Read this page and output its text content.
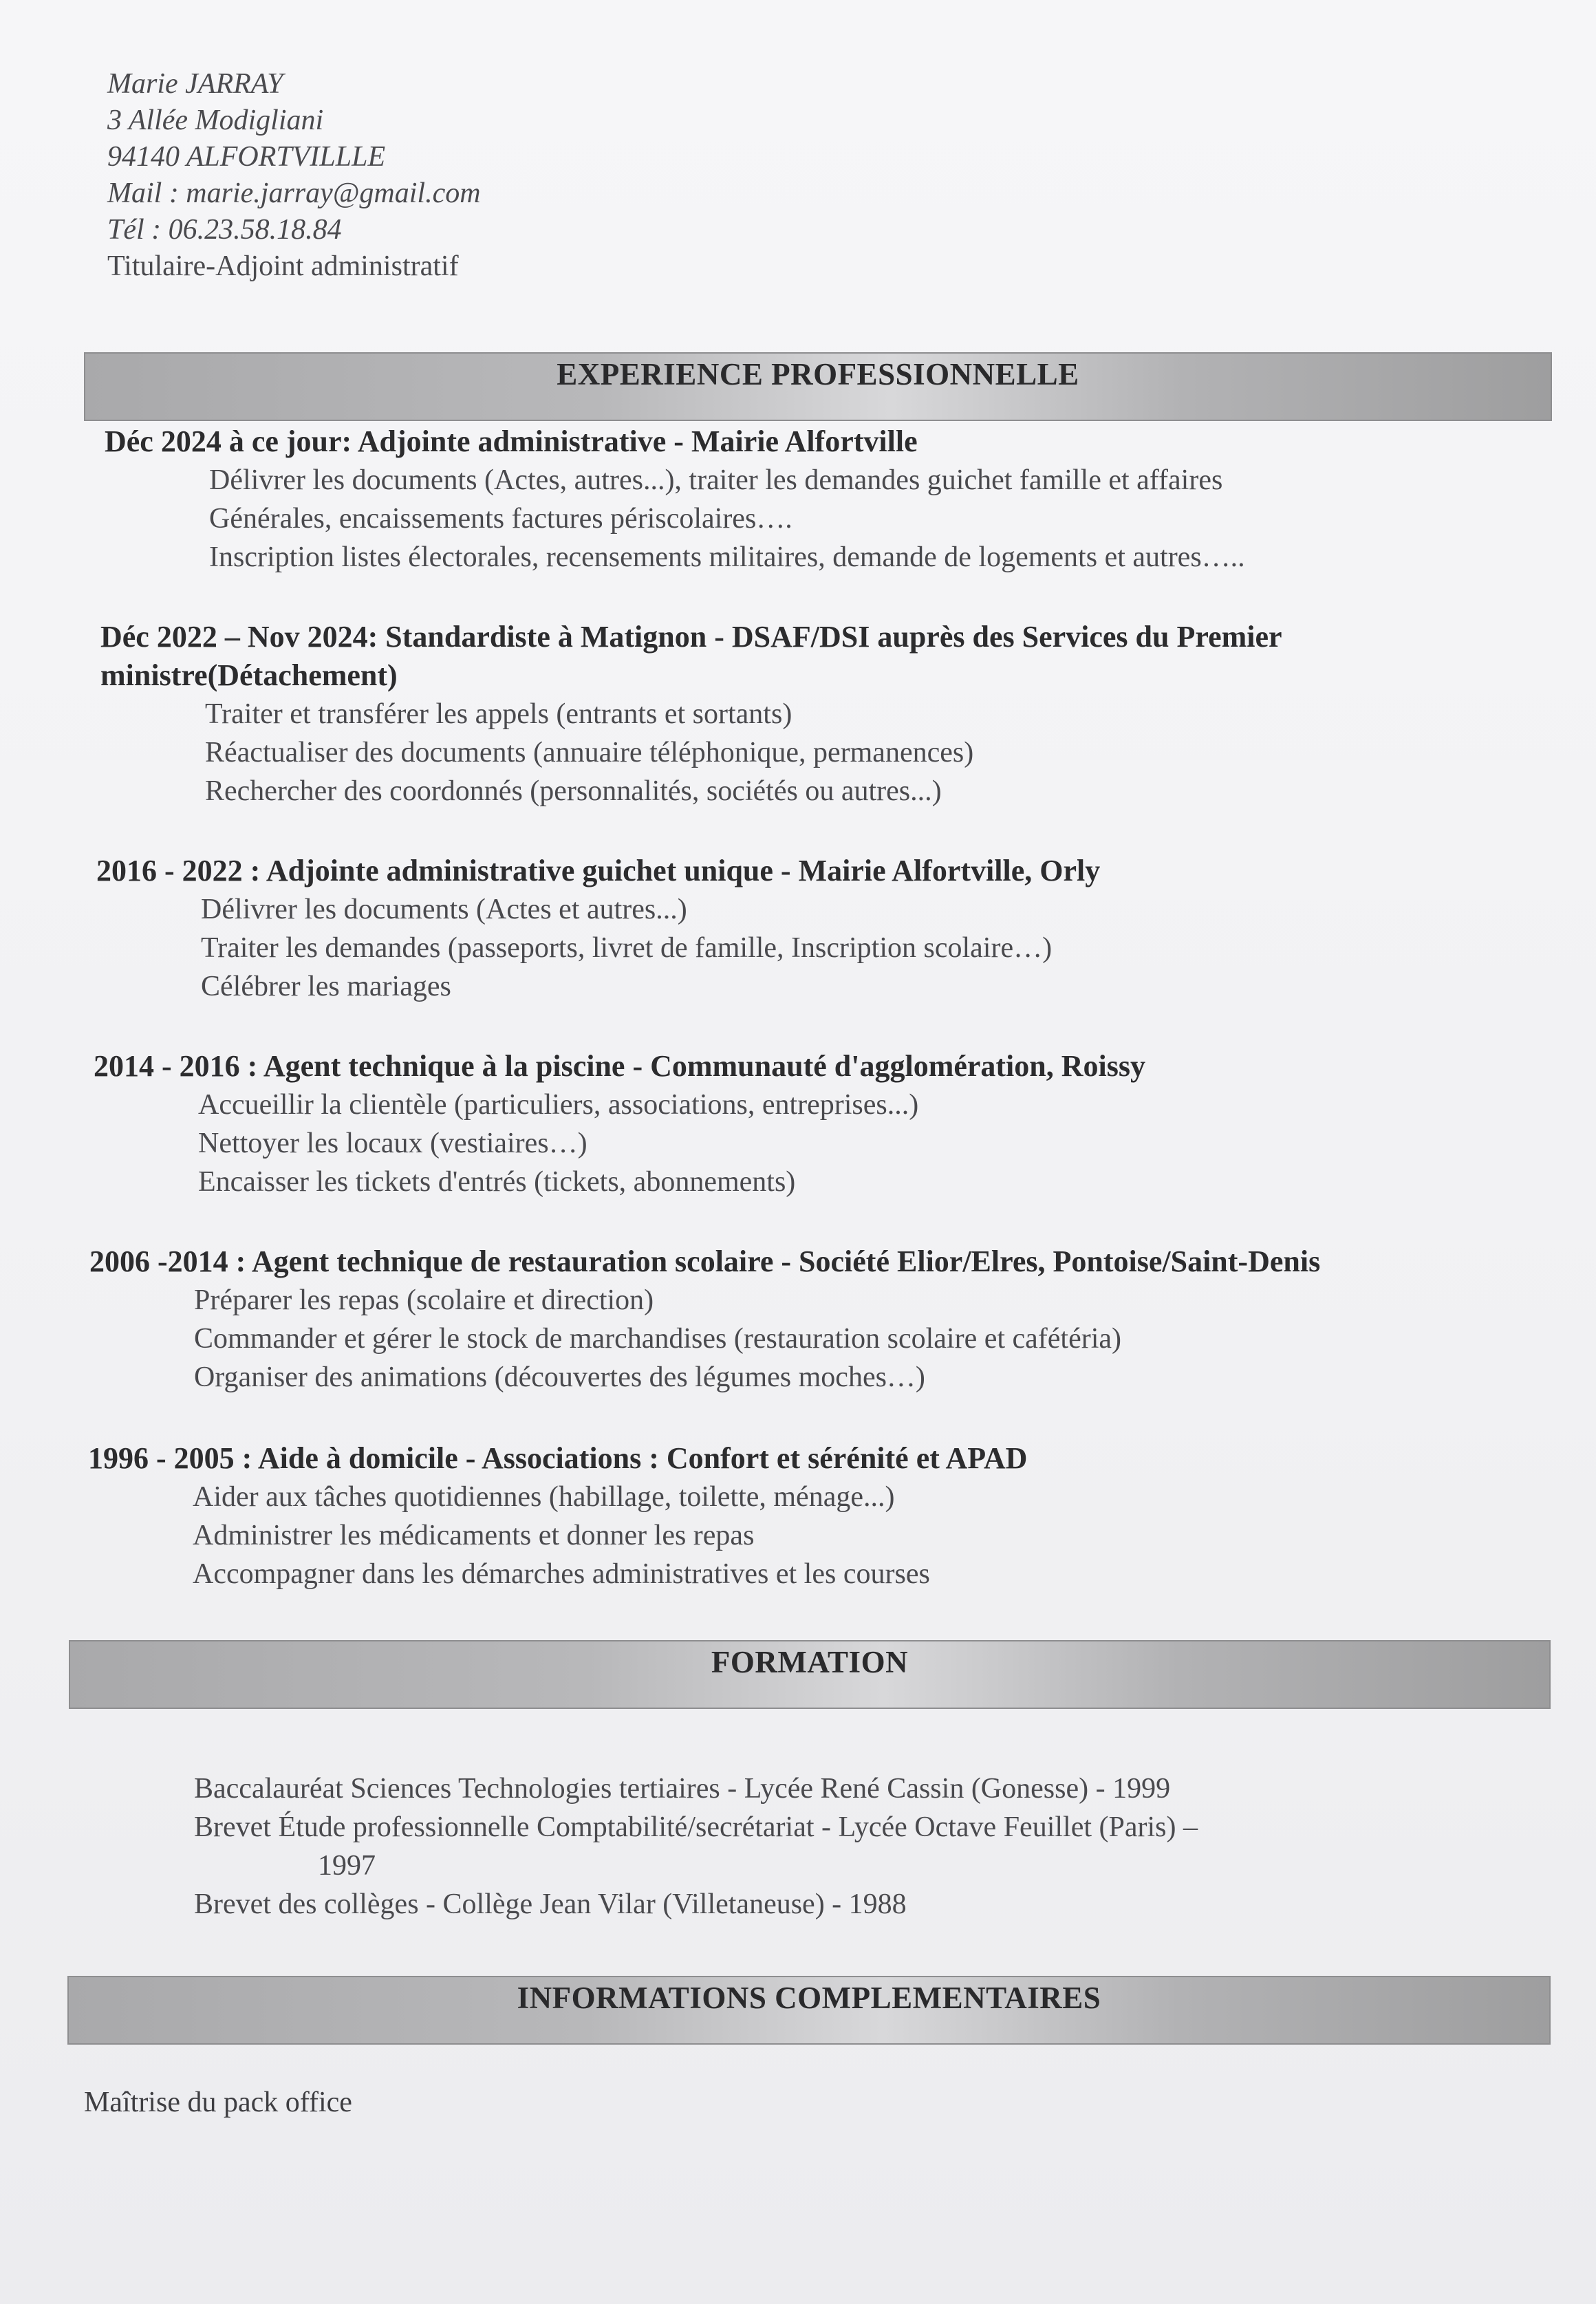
Marie JARRAY
3 Allée Modigliani
94140 ALFORTVILLLE
Mail : marie.jarray@gmail.com
Tél : 06.23.58.18.84
Titulaire-Adjoint administratif
EXPERIENCE PROFESSIONNELLE
Déc 2024 à ce jour: Adjointe administrative - Mairie Alfortville
Délivrer les documents (Actes, autres...), traiter les demandes guichet famille et affaires
Générales, encaissements factures périscolaires….
Inscription listes électorales, recensements militaires, demande de logements et autres…..
Déc 2022 – Nov 2024: Standardiste à Matignon - DSAF/DSI auprès des Services du Premier
ministre(Détachement)
Traiter et transférer les appels (entrants et sortants)
Réactualiser des documents (annuaire téléphonique, permanences)
Rechercher des coordonnés (personnalités, sociétés ou autres...)
2016 - 2022 : Adjointe administrative guichet unique - Mairie Alfortville, Orly
Délivrer les documents (Actes et autres...)
Traiter les demandes (passeports, livret de famille, Inscription scolaire…)
Célébrer les mariages
2014 - 2016 : Agent technique à la piscine - Communauté d'agglomération, Roissy
Accueillir la clientèle (particuliers, associations, entreprises...)
Nettoyer les locaux (vestiaires…)
Encaisser les tickets d'entrés (tickets, abonnements)
2006 -2014 : Agent technique de restauration scolaire - Société Elior/Elres, Pontoise/Saint-Denis
Préparer les repas (scolaire et direction)
Commander et gérer le stock de marchandises (restauration scolaire et cafétéria)
Organiser des animations (découvertes des légumes moches…)
1996 - 2005 : Aide à domicile - Associations : Confort et sérénité et APAD
Aider aux tâches quotidiennes (habillage, toilette, ménage...)
Administrer les médicaments et donner les repas
Accompagner dans les démarches administratives et les courses
FORMATION
Baccalauréat Sciences Technologies tertiaires - Lycée René Cassin (Gonesse) - 1999
Brevet Étude professionnelle Comptabilité/secrétariat - Lycée Octave Feuillet (Paris) –
1997
Brevet des collèges - Collège Jean Vilar (Villetaneuse) - 1988
INFORMATIONS COMPLEMENTAIRES
Maîtrise du pack office
